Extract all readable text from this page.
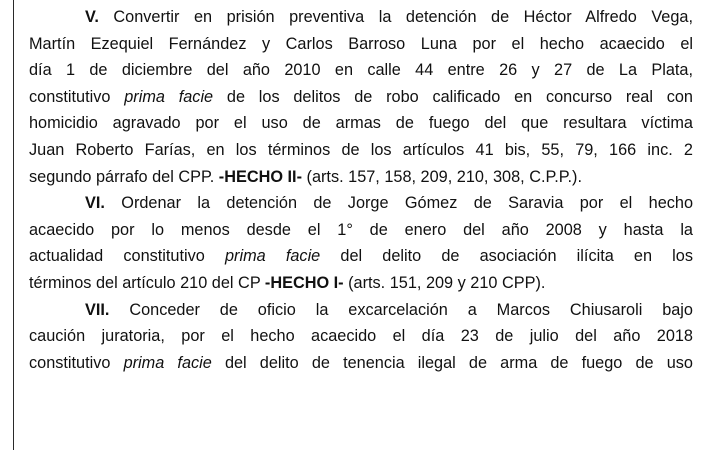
V. Convertir en prisión preventiva la detención de Héctor Alfredo Vega,
Martín Ezequiel Fernández y Carlos Barroso Luna por el hecho acaecido el
día 1 de diciembre del año 2010 en calle 44 entre 26 y 27 de La Plata,
constitutivo prima facie de los delitos de robo calificado en concurso real con
homicidio agravado por el uso de armas de fuego del que resultara víctima
Juan Roberto Farías, en los términos de los artículos 41 bis, 55, 79, 166 inc. 2
segundo párrafo del CPP. -HECHO II- (arts. 157, 158, 209, 210, 308, C.P.P.).
VI. Ordenar la detención de Jorge Gómez de Saravia por el hecho
acaecido por lo menos desde el 1° de enero del año 2008 y hasta la
actualidad constitutivo prima facie del delito de asociación ilícita en los
términos del artículo 210 del CP -HECHO I- (arts. 151, 209 y 210 CPP).
VII. Conceder de oficio la excarcelación a Marcos Chiusaroli bajo
caución juratoria, por el hecho acaecido el día 23 de julio del año 2018
constitutivo prima facie del delito de tenencia ilegal de arma de fuego de uso
